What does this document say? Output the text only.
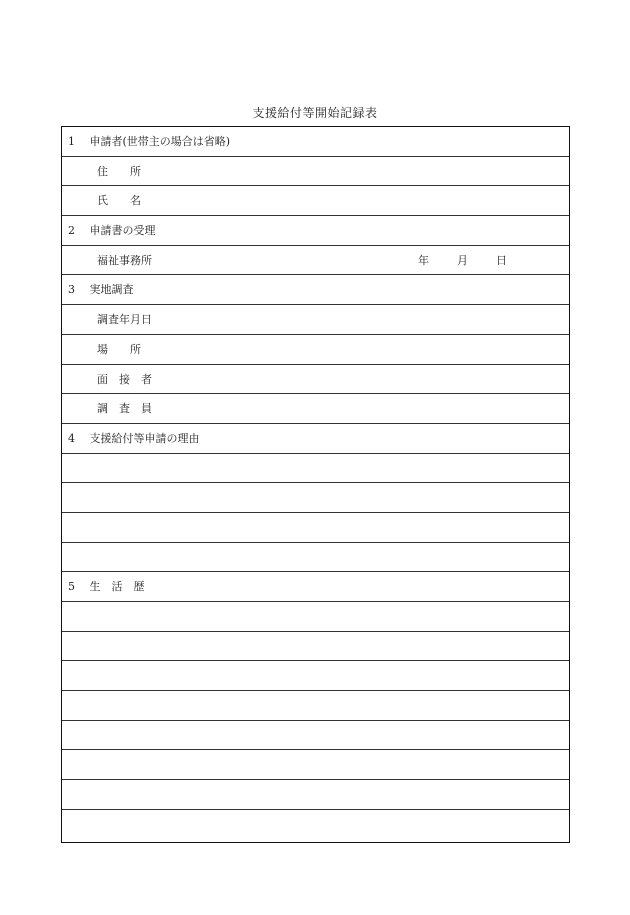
支援給付等開始記録表
1 申請者(世帯主の場合は省略)
住　　所
氏　　名
2 申請書の受理
福祉事務所	年	月	日
3 実地調査
調査年月日
場　　所
面　接　者
調　査　員
4 支援給付等申請の理由
5 生　活　歴
